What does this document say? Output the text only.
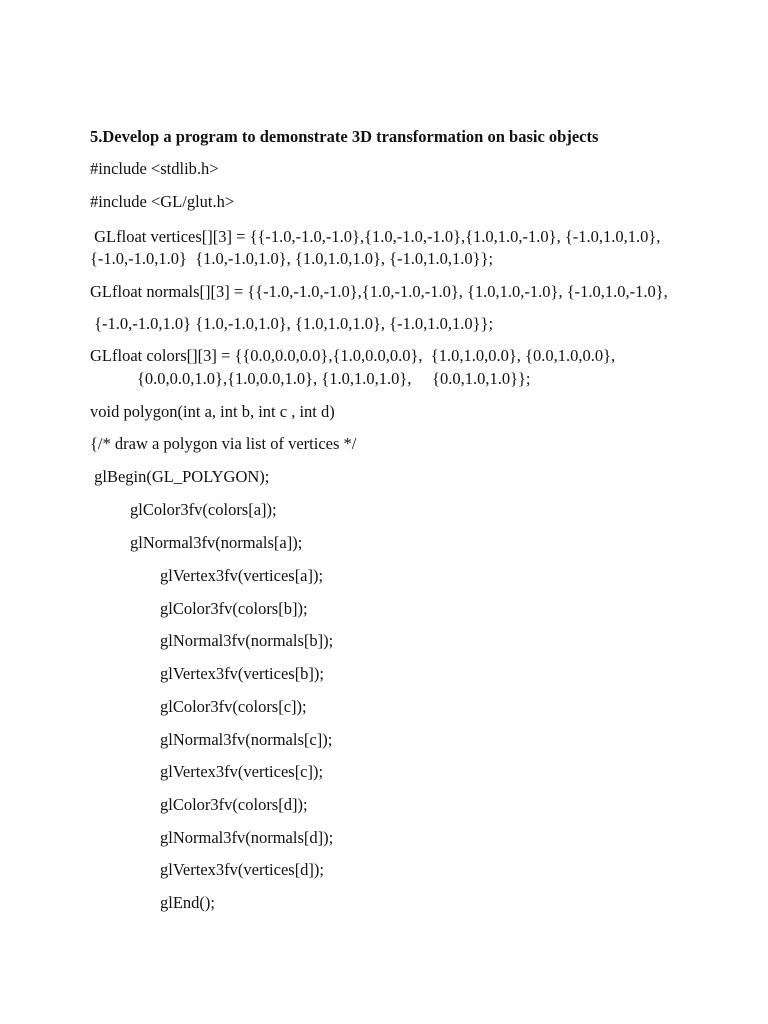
5.Develop a program to demonstrate 3D transformation on basic objects
#include <stdlib.h>
#include <GL/glut.h>
GLfloat vertices[][3] = {{-1.0,-1.0,-1.0},{1.0,-1.0,-1.0},{1.0,1.0,-1.0}, {-1.0,1.0,1.0},
{-1.0,-1.0,1.0}  {1.0,-1.0,1.0}, {1.0,1.0,1.0}, {-1.0,1.0,1.0}};
GLfloat normals[][3] = {{-1.0,-1.0,-1.0},{1.0,-1.0,-1.0}, {1.0,1.0,-1.0}, {-1.0,1.0,-1.0},
{-1.0,-1.0,1.0} {1.0,-1.0,1.0}, {1.0,1.0,1.0}, {-1.0,1.0,1.0}};
GLfloat colors[][3] = {{0.0,0.0,0.0},{1.0,0.0,0.0},  {1.0,1.0,0.0}, {0.0,1.0,0.0},
{0.0,0.0,1.0},{1.0,0.0,1.0}, {1.0,1.0,1.0},     {0.0,1.0,1.0}};
void polygon(int a, int b, int c , int d)
{/* draw a polygon via list of vertices */
glBegin(GL_POLYGON);
glColor3fv(colors[a]);
glNormal3fv(normals[a]);
glVertex3fv(vertices[a]);
glColor3fv(colors[b]);
glNormal3fv(normals[b]);
glVertex3fv(vertices[b]);
glColor3fv(colors[c]);
glNormal3fv(normals[c]);
glVertex3fv(vertices[c]);
glColor3fv(colors[d]);
glNormal3fv(normals[d]);
glVertex3fv(vertices[d]);
glEnd();
